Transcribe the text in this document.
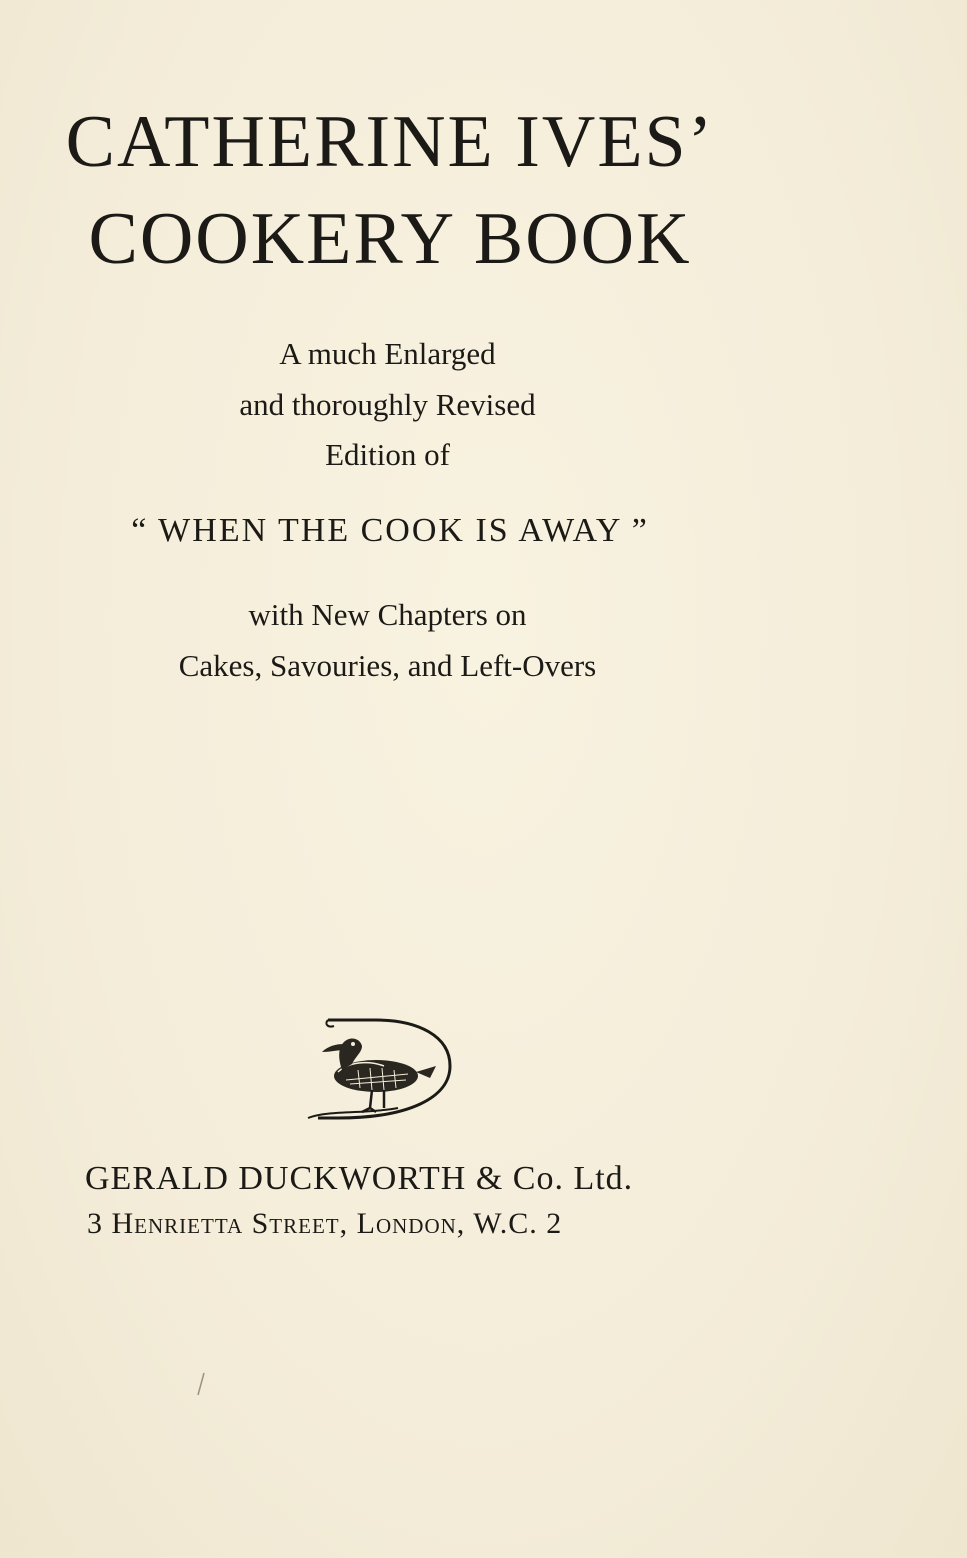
CATHERINE IVES’
COOKERY BOOK
A much Enlarged
and thoroughly Revised
Edition of
“ WHEN THE COOK IS AWAY ”
with New Chapters on
Cakes, Savouries, and Left-Overs
GERALD DUCKWORTH & Co. Ltd.
3 Henrietta Street, London, W.C. 2
